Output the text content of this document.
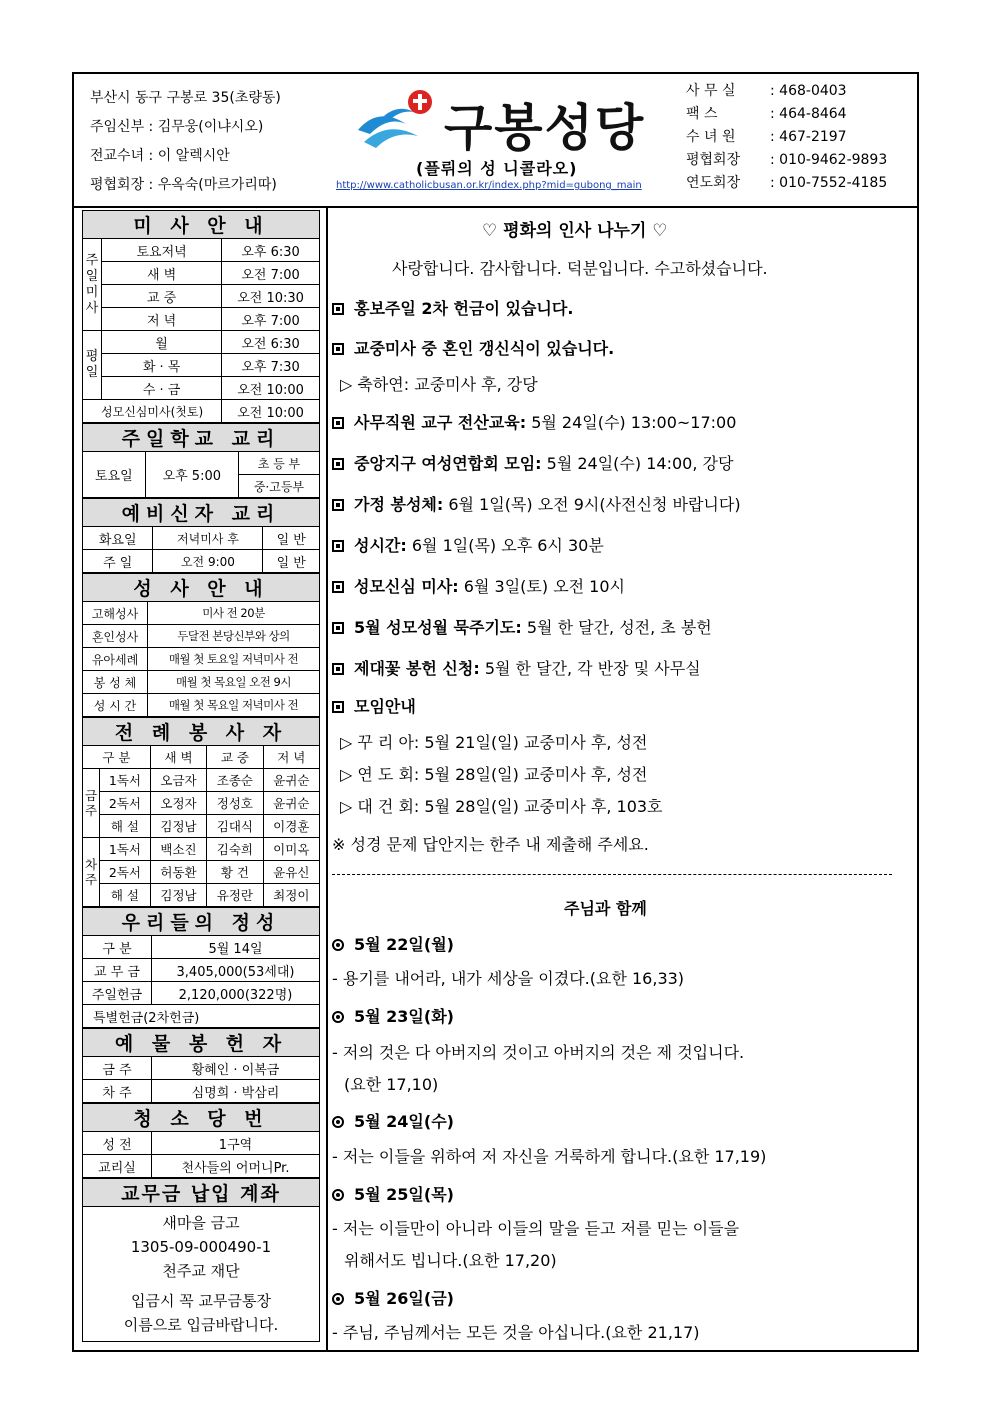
부산시 동구 구봉로 35(초량동)
주임신부 : 김무웅(이냐시오)
전교수녀 : 이 알렉시안
평협회장 : 우옥숙(마르가리따)
구봉성당
(플뤼의 성 니콜라오)
http://www.catholicbusan.or.kr/index.php?mid=gubong_main
사 무 실 : 468-0403
팩 스	: 464-8464
수 녀 원 : 467-2197
평협회장 : 010-9462-9893
연도회장 : 010-7552-4185
미 사 안 내		
주일미사	토요저녁	오후 6:30
	새 벽	오전 7:00
	교 중	오전 10:30
	저 녁	오후 7:00
평일	월	오전 6:30
	화 · 목	오후 7:30
	수 · 금	오전 10:00
성모신심미사(첫토)		오전 10:00
주일학교 교리
토요일	오후 5:00	초 등 부
중·고등부
예비신자 교리		
화요일	저녁미사 후	일 반
주 일	오전 9:00	일 반
성 사 안 내	
고해성사	미사 전 20분
혼인성사	두달전 본당신부와 상의
유아세례	매월 첫 토요일 저녁미사 전
봉 성 체	매월 첫 목요일 오전 9시
성 시 간	매월 첫 목요일 저녁미사 전
전 례 봉 사 자				
구 분		새 벽	교 중	저 녁
금주	1독서	오금자	조종순	윤귀순
	2독서	오정자	정성호	윤귀순
	해 설	김정남	김대식	이경훈
차주	1독서	백소진	김숙희	이미옥
	2독서	허동환	황 건	윤유신
	해 설	김정남	유정란	최정이
우리들의 정성	
구 분	5월 14일
교 무 금	3,405,000(53세대)
주일헌금	2,120,000(322명)
특별헌금(2차헌금)	
예 물 봉 헌 자	
금 주	황혜인 · 이복금
차 주	심명희 · 박삼리
청 소 당 번	
성 전	1구역
교리실	천사들의 어머니Pr.
교무금 납입 계좌

새마을 금고
1305-09-000490-1
천주교 재단
입금시 꼭 교무금통장
이름으로 입금바랍니다.
♡ 평화의 인사 나누기 ♡
사랑합니다. 감사합니다. 덕분입니다. 수고하셨습니다.
홍보주일 2차 헌금이 있습니다.
교중미사 중 혼인 갱신식이 있습니다.
▷ 축하연: 교중미사 후, 강당
사무직원 교구 전산교육: 5월 24일(수) 13:00~17:00
중앙지구 여성연합회 모임: 5월 24일(수) 14:00, 강당
가정 봉성체: 6월 1일(목) 오전 9시(사전신청 바랍니다)
성시간: 6월 1일(목) 오후 6시 30분
성모신심 미사: 6월 3일(토) 오전 10시
5월 성모성월 묵주기도: 5월 한 달간, 성전, 초 봉헌
제대꽃 봉헌 신청: 5월 한 달간, 각 반장 및 사무실
모임안내
▷ 꾸 리 아: 5월 21일(일) 교중미사 후, 성전
▷ 연 도 회: 5월 28일(일) 교중미사 후, 성전
▷ 대 건 회: 5월 28일(일) 교중미사 후, 103호
※ 성경 문제 답안지는 한주 내 제출해 주세요.
주님과 함께
5월 22일(월)
- 용기를 내어라, 내가 세상을 이겼다.(요한 16,33)
5월 23일(화)
- 저의 것은 다 아버지의 것이고 아버지의 것은 제 것입니다.
(요한 17,10)
5월 24일(수)
- 저는 이들을 위하여 저 자신을 거룩하게 합니다.(요한 17,19)
5월 25일(목)
- 저는 이들만이 아니라 이들의 말을 듣고 저를 믿는 이들을
위해서도 빕니다.(요한 17,20)
5월 26일(금)
- 주님, 주님께서는 모든 것을 아십니다.(요한 21,17)
